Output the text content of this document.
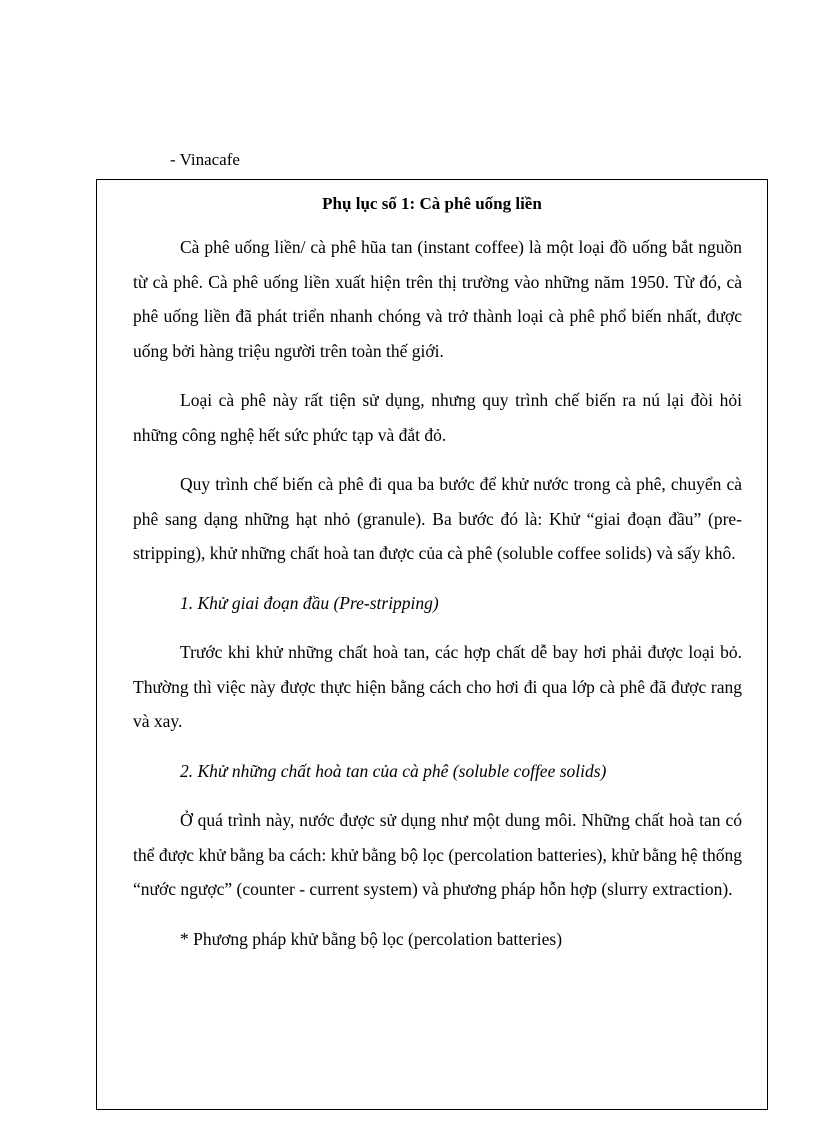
- Vinacafe
Phụ lục số 1: Cà phê uống liền

Cà phê uống liền/ cà phê hũa tan (instant coffee) là một loại đồ uống bắt nguồn từ cà phê. Cà phê uống liền xuất hiện trên thị trường vào những năm 1950. Từ đó, cà phê uống liền đã phát triển nhanh chóng và trở thành loại cà phê phổ biến nhất, được uống bởi hàng triệu người trên toàn thế giới.

Loại cà phê này rất tiện sử dụng, nhưng quy trình chế biến ra nú lại đòi hỏi những công nghệ hết sức phức tạp và đắt đỏ.

Quy trình chế biến cà phê đi qua ba bước để khử nước trong cà phê, chuyển cà phê sang dạng những hạt nhỏ (granule). Ba bước đó là: Khử “giai đoạn đầu” (pre-stripping), khử những chất hoà tan được của cà phê (soluble coffee solids) và sấy khô.

1. Khử giai đoạn đầu (Pre-stripping)

Trước khi khử những chất hoà tan, các hợp chất dễ bay hơi phải được loại bỏ. Thường thì việc này được thực hiện bằng cách cho hơi đi qua lớp cà phê đã được rang và xay.

2. Khử những chất hoà tan của cà phê (soluble coffee solids)

Ở quá trình này, nước được sử dụng như một dung môi. Những chất hoà tan có thể được khử bằng ba cách: khử bằng bộ lọc (percolation batteries), khử bằng hệ thống “nước ngược” (counter - current system) và phương pháp hỗn hợp (slurry extraction).

* Phương pháp khử bằng bộ lọc (percolation batteries)
